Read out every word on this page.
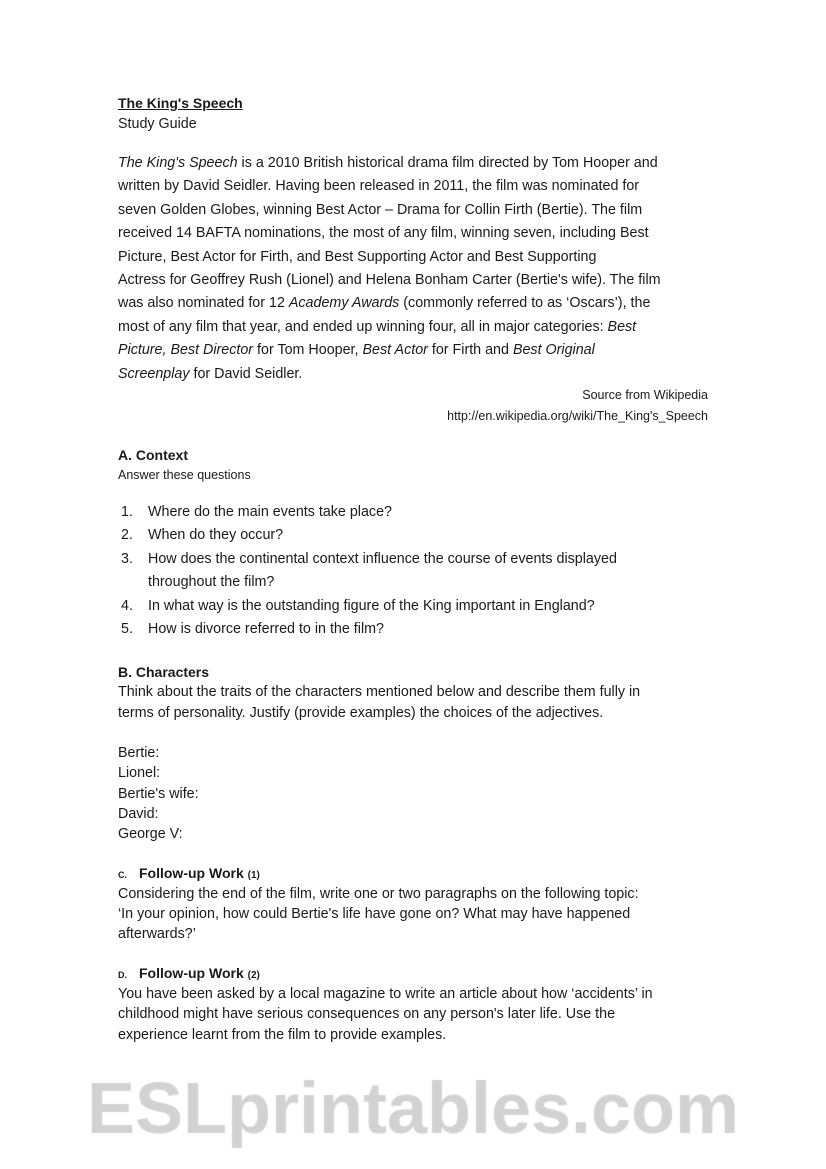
The King's Speech
Study Guide
The King's Speech is a 2010 British historical drama film directed by Tom Hooper and
written by David Seidler. Having been released in 2011, the film was nominated for
seven Golden Globes, winning Best Actor – Drama for Collin Firth (Bertie). The film
received 14 BAFTA nominations, the most of any film, winning seven, including Best
Picture, Best Actor for Firth, and Best Supporting Actor and Best Supporting
Actress for Geoffrey Rush (Lionel) and Helena Bonham Carter (Bertie's wife). The film
was also nominated for 12 Academy Awards (commonly referred to as ‘Oscars’), the
most of any film that year, and ended up winning four, all in major categories: Best
Picture, Best Director for Tom Hooper, Best Actor for Firth and Best Original
Screenplay for David Seidler.
Source from Wikipedia
http://en.wikipedia.org/wiki/The_King's_Speech
A. Context
Answer these questions
1. Where do the main events take place?
2. When do they occur?
3. How does the continental context influence the course of events displayed
throughout the film?
4. In what way is the outstanding figure of the King important in England?
5. How is divorce referred to in the film?
B. Characters
Think about the traits of the characters mentioned below and describe them fully in
terms of personality. Justify (provide examples) the choices of the adjectives.
Bertie:
Lionel:
Bertie's wife:
David:
George V:
C. Follow-up Work (1)
Considering the end of the film, write one or two paragraphs on the following topic:
‘In your opinion, how could Bertie's life have gone on? What may have happened
afterwards?’
D. Follow-up Work (2)
You have been asked by a local magazine to write an article about how ‘accidents’ in
childhood might have serious consequences on any person's later life. Use the
experience learnt from the film to provide examples.
